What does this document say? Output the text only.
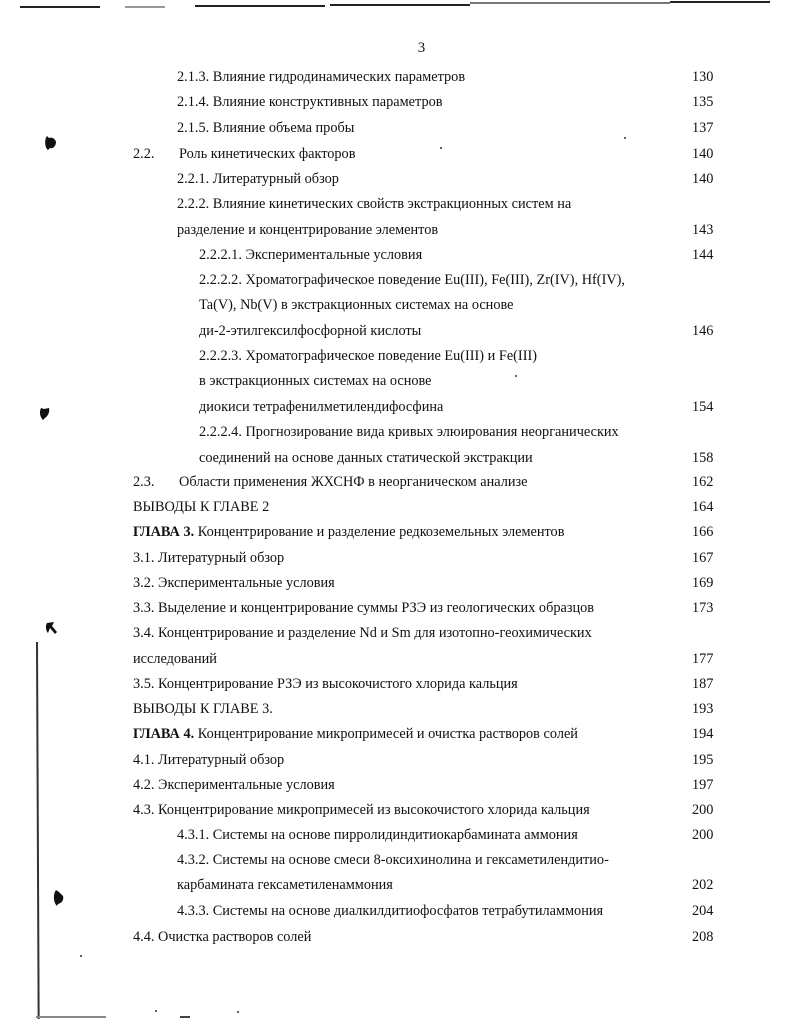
3
2.1.3. Влияние гидродинамических параметров	130
2.1.4. Влияние конструктивных параметров	135
2.1.5. Влияние объема пробы	137
2.2. Роль кинетических факторов	140
2.2.1. Литературный обзор	140
2.2.2. Влияние кинетических свойств экстракционных систем на
разделение и концентрирование элементов	143
2.2.2.1. Экспериментальные условия	144
2.2.2.2. Хроматографическое поведение Eu(III), Fe(III), Zr(IV), Hf(IV),
Ta(V), Nb(V) в экстракционных системах на основе
ди-2-этилгексилфосфорной кислоты	146
2.2.2.3. Хроматографическое поведение Eu(III) и Fe(III)
в экстракционных системах на основе
диокиси тетрафенилметилендифосфина	154
2.2.2.4. Прогнозирование вида кривых элюирования неорганических
соединений на основе данных статической экстракции	158
2.3. Области применения ЖХСНФ в неорганическом анализе	162
ВЫВОДЫ К ГЛАВЕ 2	164
ГЛАВА 3. Концентрирование и разделение редкоземельных элементов	166
3.1. Литературный обзор	167
3.2. Экспериментальные условия	169
3.3. Выделение и концентрирование суммы РЗЭ из геологических образцов	173
3.4. Концентрирование и разделение Nd и Sm для изотопно-геохимических
исследований	177
3.5. Концентрирование РЗЭ из высокочистого хлорида кальция	187
ВЫВОДЫ К ГЛАВЕ 3.	193
ГЛАВА 4. Концентрирование микропримесей и очистка растворов солей	194
4.1. Литературный обзор	195
4.2. Экспериментальные условия	197
4.3. Концентрирование микропримесей из высокочистого хлорида кальция	200
4.3.1. Системы на основе пирролидиндитиокарбамината аммония	200
4.3.2. Системы на основе смеси 8-оксихинолина и гексаметилендитио-
карбамината гексаметиленаммония	202
4.3.3. Системы на основе диалкилдитиофосфатов тетрабутиламмония	204
4.4. Очистка растворов солей	208
